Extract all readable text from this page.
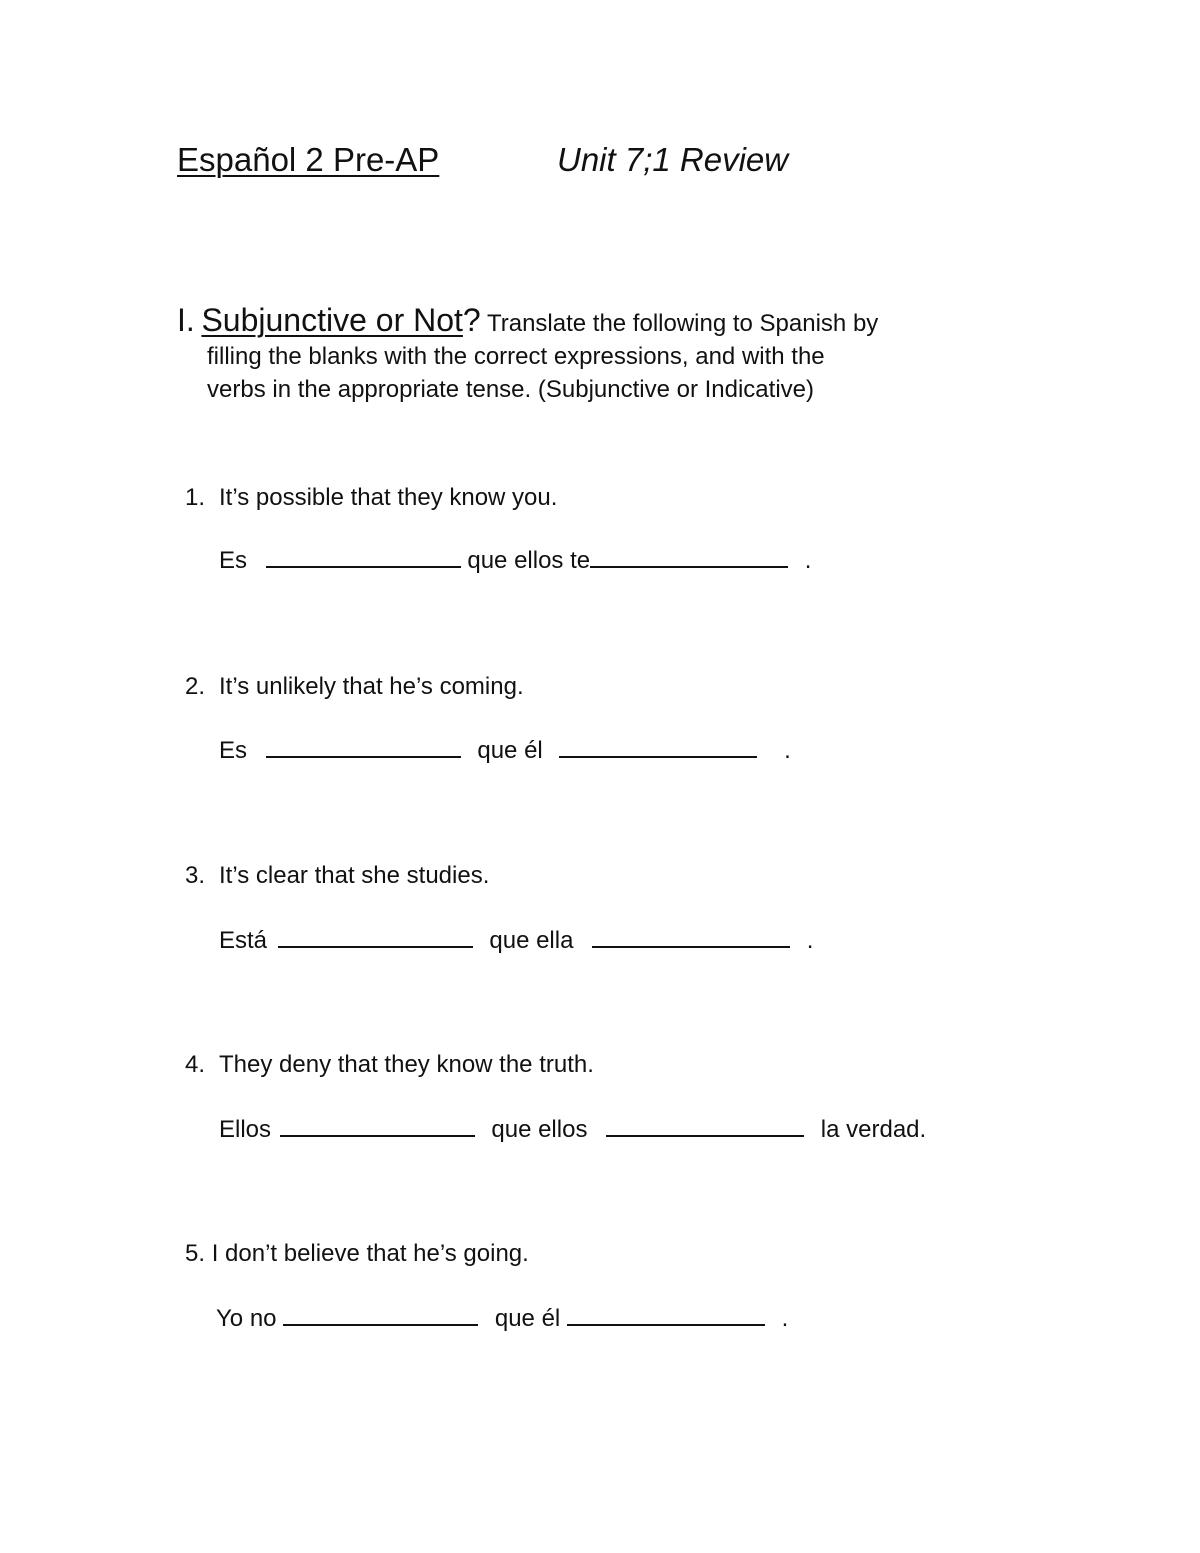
Español 2 Pre-AP	Unit 7;1 Review
I. Subjunctive or Not? Translate the following to Spanish by
filling the blanks with the correct expressions, and with the
verbs in the appropriate tense. (Subjunctive or Indicative)
1. It’s possible that they know you.
Es	que ellos te	.
2. It’s unlikely that he’s coming.
Es	que él	.
3. It’s clear that she studies.
Está	que ella	.
4. They deny that they know the truth.
Ellos	que ellos	la verdad.
5. I don’t believe that he’s going.
Yo no	que él	.
